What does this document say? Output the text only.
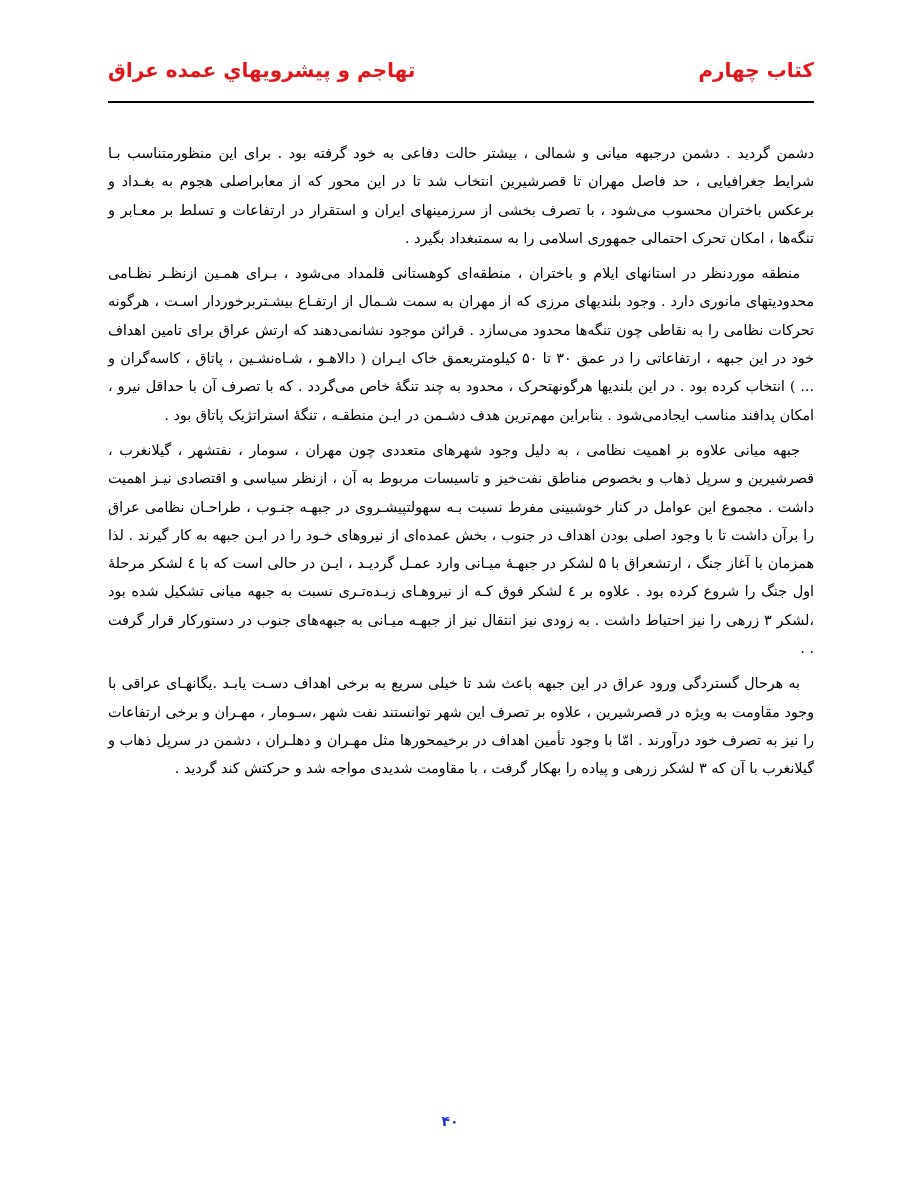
کتاب چهارم
تهاجم و پیشرویهاي عمده عراق

دشمن گردید . دشمن درجبهه میانی و شمالی ، بیشتر حالت دفاعی به خود گرفته بود . برای این منظورمتناسب بـا شرایط جغرافیایی ، حد فاصل مهران تا قصرشیرین انتخاب شد تا در این محور که از معابراصلی هجوم به بغـداد و برعکس باختران محسوب می‌شود ، با تصرف بخشی از سرزمینهای ایران و استقرار در ارتفاعات و تسلط بر معـابر و تنگه‌ها ، امکان تحرک احتمالی جمهوری اسلامی را به سمتبغداد بگیرد .

منطقه موردنظر در استانهای ایلام و باختران ، منطقه‌ای کوهستانی قلمداد می‌شود ، بـرای همـین ازنظـر نظـامی محدودیتهای مانوری دارد . وجود بلندیهای مرزی که از مهران به سمت شـمال از ارتفـاع بیشـتربرخوردار اسـت ، هرگونه تحرکات نظامی را به نقاطی چون تنگه‌ها محدود می‌سازد . قرائن موجود نشانمی‌دهند که ارتش عراق برای تامین اهداف خود در این جبهه ، ارتفاعاتی را در عمق ۳۰ تا ۵۰ کیلومتریعمق خاک ایـران ( دالاهـو ، شـاه‌نشـین ، پاتاق ، کاسه‌گران و ... ) انتخاب کرده بود . در این بلندیها هرگونهتحرک ، محدود به چند تنگهٔ خاص می‌گردد . که با تصرف آن با حداقل نیرو ، امکان پدافند مناسب ایجادمی‌شود . بنابراین مهم‌ترین هدف دشـمن در ایـن منطقـه ، تنگهٔ استراتژیک پاتاق بود .

جبهه میانی علاوه بر اهمیت نظامی ، به دلیل وجود شهرهای متعددی چون مهران ، سومار ، نفتشهر ، گیلانغرب ، قصرشیرین و سرپل ذهاب و بخصوص مناطق نفت‌خیز و تاسیسات مربوط به آن ، ازنظر سیاسی و اقتصادی نیـز اهمیت داشت . مجموع این عوامل در کنار خوشبینی مفرط نسبت بـه سهولتپیشـروی در جبهـه جنـوب ، طراحـان نظامی عراق را برآن داشت تا با وجود اصلی بودن اهداف در جنوب ، بخش عمده‌ای از نیروهای خـود را در ایـن جبهه به کار گیرند . لذا همزمان با آغاز جنگ ، ارتشعراق با ۵ لشکر در جبهـهٔ میـانی وارد عمـل گردیـد ، ایـن در حالی است که با ٤ لشکر مرحلهٔ اول جنگ را شروع کرده بود . علاوه بر ٤ لشکر فوق کـه از نیروهـای زبـده‌تـری نسبت به جبهه میانی تشکیل شده بود ،لشکر ۳ زرهی را نیز احتیاط داشت . به زودی نیز انتقال نیز از جبهـه میـانی به جبهه‌های جنوب در دستورکار قرار گرفت . .

به هرحال گستردگی ورود عراق در این جبهه باعث شد تا خیلی سریع به برخی اهداف دسـت یابـد .یگانهـای عراقی با وجود مقاومت به ویژه در قصرشیرین ، علاوه بر تصرف این شهر توانستند نفت شهر ،سـومار ، مهـران و برخی ارتفاعات را نیز به تصرف خود درآورند . امّا با وجود تأمین اهداف در برخیمحورها مثل مهـران و دهلـران ، دشمن در سرپل ذهاب و گیلانغرب با آن که ۳ لشکر زرهی و پیاده را بهکار گرفت ، با مقاومت شدیدی مواجه شد و حرکتش کند گردید .

۴۰
